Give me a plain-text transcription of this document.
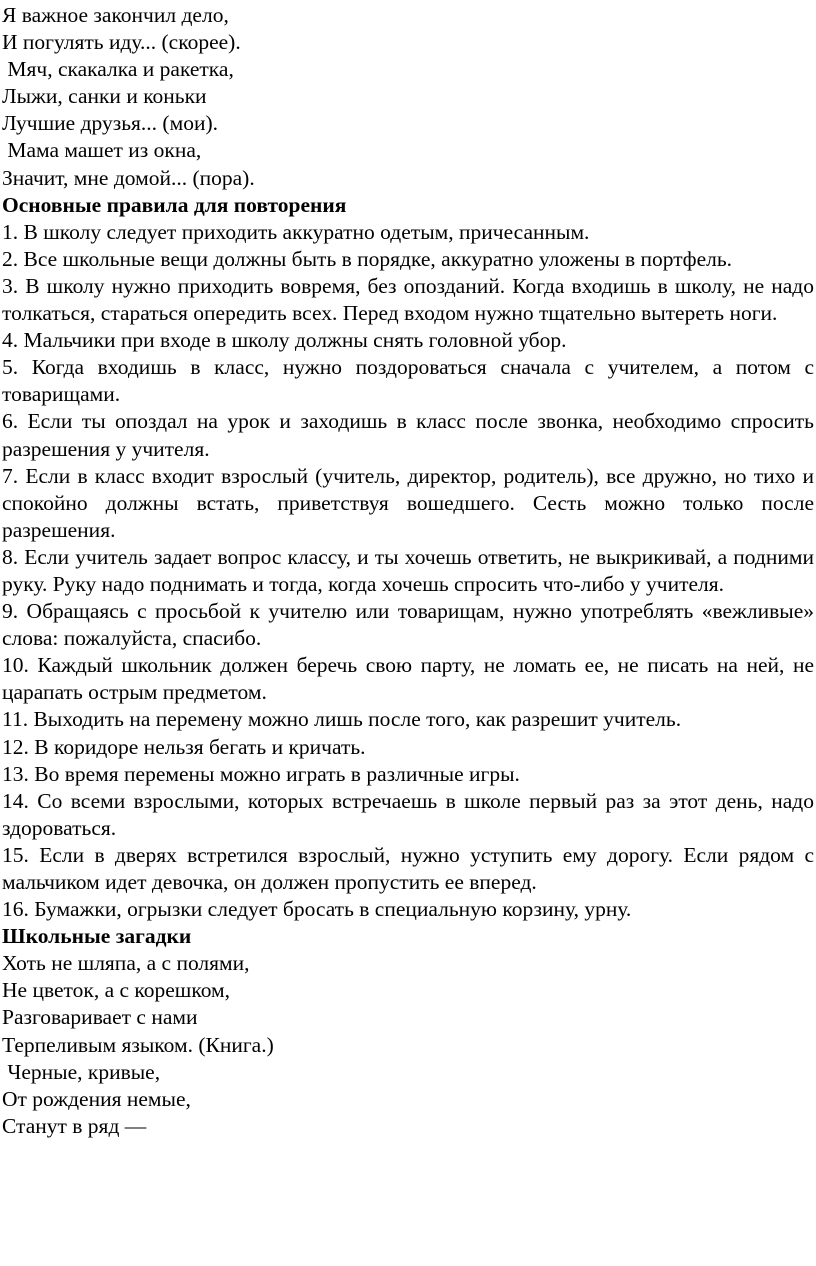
Я важное закончил дело,
И погулять иду... (скорее).
Мяч, скакалка и ракетка,
Лыжи, санки и коньки
Лучшие друзья... (мои).
Мама машет из окна,
Значит, мне домой... (пора).
Основные правила для повторения
1. В школу следует приходить аккуратно одетым, причесанным.
2. Все школьные вещи должны быть в порядке, аккуратно уложены в портфель.
3. В школу нужно приходить вовремя, без опозданий. Когда входишь в школу, не надо толкаться, стараться опередить всех. Перед входом нужно тщательно вытереть ноги.
4. Мальчики при входе в школу должны снять головной убор.
5. Когда входишь в класс, нужно поздороваться сначала с учителем, а потом с товарищами.
6. Если ты опоздал на урок и заходишь в класс после звонка, необходимо спросить разрешения у учителя.
7. Если в класс входит взрослый (учитель, директор, родитель), все дружно, но тихо и спокойно должны встать, приветствуя вошедшего. Сесть можно только после разрешения.
8. Если учитель задает вопрос классу, и ты хочешь ответить, не выкрикивай, а подними руку. Руку надо поднимать и тогда, когда хочешь спросить что-либо у учителя.
9. Обращаясь с просьбой к учителю или товарищам, нужно употреблять «вежливые» слова: пожалуйста, спасибо.
10. Каждый школьник должен беречь свою парту, не ломать ее, не писать на ней, не царапать острым предметом.
11. Выходить на перемену можно лишь после того, как разрешит учитель.
12. В коридоре нельзя бегать и кричать.
13. Во время перемены можно играть в различные игры.
14. Со всеми взрослыми, которых встречаешь в школе первый раз за этот день, надо здороваться.
15. Если в дверях встретился взрослый, нужно уступить ему дорогу. Если рядом с мальчиком идет девочка, он должен пропустить ее вперед.
16. Бумажки, огрызки следует бросать в специальную корзину, урну.
Школьные загадки
Хоть не шляпа, а с полями,
Не цветок, а с корешком,
Разговаривает с нами
Терпеливым языком. (Книга.)
Черные, кривые,
От рождения немые,
Станут в ряд —
